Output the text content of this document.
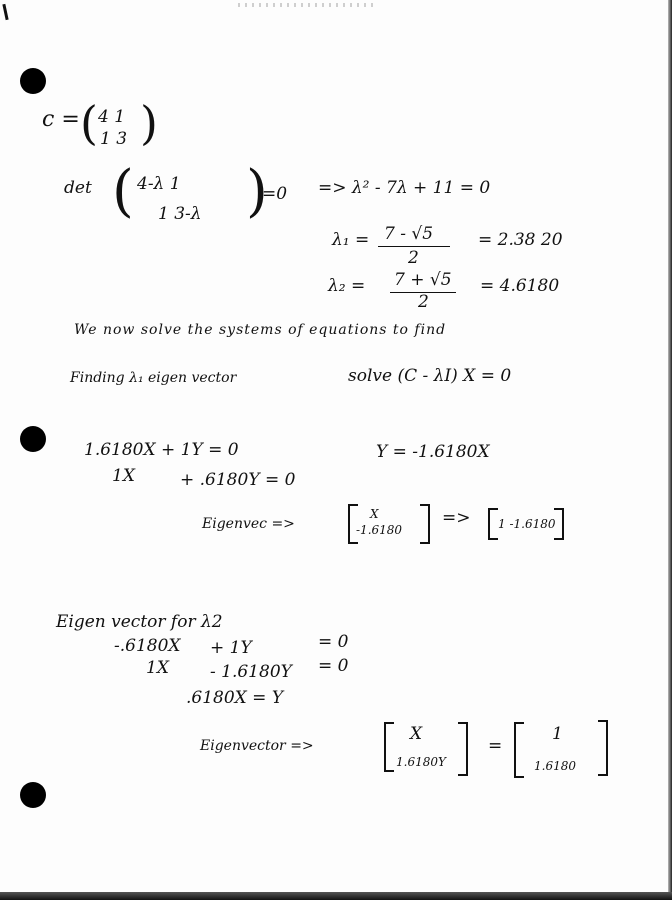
c = ( 4 1
1 3 )
det ( 4-λ 1
1 3-λ )
=0 => λ² - 7λ + 11 = 0
λ₁ = 7 - √5
2
= 2.38 20
λ₂ = 7 + √5
2
= 4.6180
We now solve the systems of equations to find
Finding λ₁ eigen vector	solve (C - λI) X = 0
1.6180X + 1Y = 0
1X	+ .6180Y = 0
Y = -1.6180X
Eigenvec =>
X
-1.6180
=> 1 -1.6180
Eigen vector for λ2
-.6180X + 1Y	= 0
1X - 1.6180Y = 0
.6180X = Y
Eigenvector =>
X
1.6180Y
=
1
1.6180
